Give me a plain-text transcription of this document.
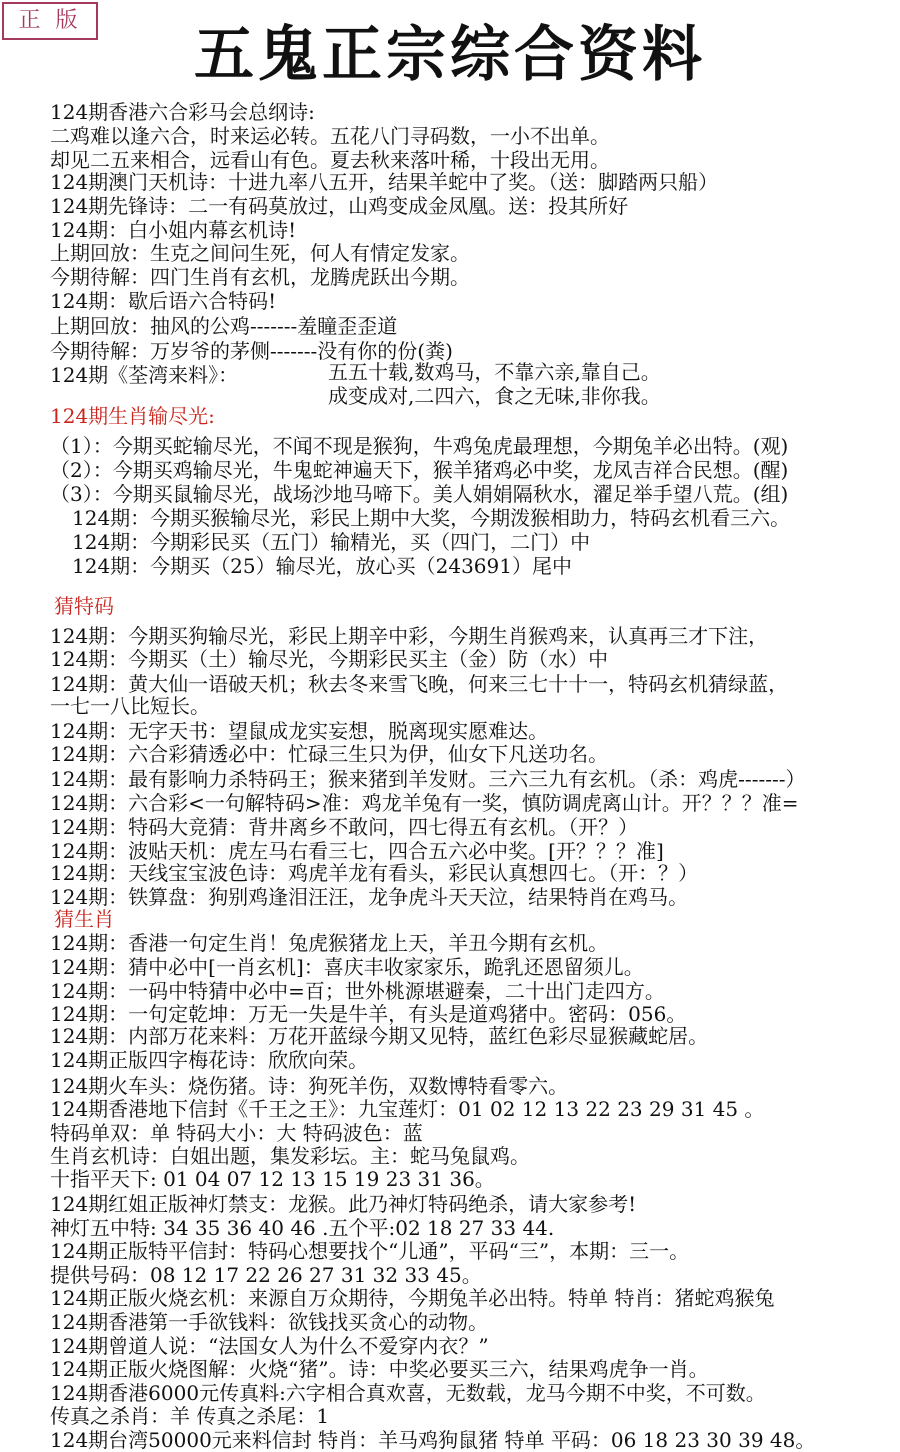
正 版	五鬼正宗综合资料
124期香港六合彩马会总纲诗:
二鸡难以逢六合，时来运必转。五花八门寻码数，一小不出单。
却见二五来相合，远看山有色。夏去秋来落叶稀，十段出无用。
124期澳门天机诗：十进九率八五开，结果羊蛇中了奖。（送：脚踏两只船）
124期先锋诗：二一有码莫放过，山鸡变成金凤凰。送：投其所好
124期：白小姐内幕玄机诗!
上期回放：生克之间问生死，何人有情定发家。
今期待解：四门生肖有玄机，龙腾虎跃出今期。
124期：歇后语六合特码!
上期回放：抽风的公鸡-------羞瞳歪歪道
今期待解：万岁爷的茅侧-------没有你的份(粪)
124期《荃湾来料》：	五五十载,数鸡马，不靠六亲,靠自己。
成变成对,二四六，食之无味,非你我。
124期生肖输尽光:
（1）：今期买蛇输尽光，不闻不现是猴狗，牛鸡兔虎最理想，今期兔羊必出特。(观)
（2）：今期买鸡输尽光，牛鬼蛇神遍天下，猴羊猪鸡必中奖，龙凤吉祥合民想。(醒)
（3）：今期买鼠输尽光，战场沙地马啼下。美人娟娟隔秋水，濯足举手望八荒。(组)
124期：今期买猴输尽光，彩民上期中大奖，今期泼猴相助力，特码玄机看三六。
124期：今期彩民买（五门）输精光，买（四门，二门）中
124期：今期买（25）输尽光，放心买（243691）尾中
猜特码
124期：今期买狗输尽光，彩民上期辛中彩，今期生肖猴鸡来，认真再三才下注，
124期：今期买（土）输尽光，今期彩民买主（金）防（水）中
124期：黄大仙一语破天机；秋去冬来雪飞晚，何来三七十十一，特码玄机猜绿蓝，
一七一八比短长。
124期：无字天书：望鼠成龙实妄想，脱离现实愿难达。
124期：六合彩猜透必中：忙碌三生只为伊，仙女下凡送功名。
124期：最有影响力杀特码王；猴来猪到羊发财。三六三九有玄机。（杀：鸡虎-------）
124期：六合彩<一句解特码>准：鸡龙羊兔有一奖，慎防调虎离山计。开？？？准=
124期：特码大竞猜：背井离乡不敢问，四七得五有玄机。（开？）
124期：波贴天机：虎左马右看三七，四合五六必中奖。[开？？？准]
124期：天线宝宝波色诗：鸡虎羊龙有看头，彩民认真想四七。（开：？）
124期：铁算盘：狗别鸡逢泪汪汪，龙争虎斗天天泣，结果特肖在鸡马。
猜生肖
124期：香港一句定生肖！兔虎猴猪龙上天，羊丑今期有玄机。
124期：猜中必中[一肖玄机]：喜庆丰收家家乐，跪乳还恩留须儿。
124期：一码中特猜中必中=百；世外桃源堪避秦，二十出门走四方。
124期：一句定乾坤：万无一失是牛羊，有头是道鸡猪中。密码：056。
124期：内部万花来料：万花开蓝绿今期又见特，蓝红色彩尽显猴藏蛇居。
124期正版四字梅花诗：欣欣向荣。
124期火车头：烧伤猪。诗：狗死羊伤，双数博特看零六。
124期香港地下信封《千王之王》：九宝莲灯：01 02 12 13 22 23 29 31 45 。
特码单双：单 特码大小：大 特码波色：蓝
生肖玄机诗：白姐出题，集发彩坛。主：蛇马兔鼠鸡。
十指平天下: 01 04 07 12 13 15 19 23 31 36。
124期红姐正版神灯禁支：龙猴。此乃神灯特码绝杀，请大家参考!
神灯五中特: 34 35 36 40 46 .五个平:02 18 27 33 44.
124期正版特平信封：特码心想要找个“儿通”，平码“三”，本期：三一。
提供号码：08 12 17 22 26 27 31 32 33 45。
124期正版火烧玄机：来源自万众期待，今期兔羊必出特。特单 特肖：猪蛇鸡猴兔
124期香港第一手欲钱料：欲钱找买贪心的动物。
124期曾道人说：“法国女人为什么不爱穿内衣？”
124期正版火烧图解：火烧“猪”。诗：中奖必要买三六，结果鸡虎争一肖。
124期香港6000元传真料:六字相合真欢喜，无数载，龙马今期不中奖，不可数。
传真之杀肖：羊 传真之杀尾：1
124期台湾50000元来料信封 特肖：羊马鸡狗鼠猪 特单 平码：06 18 23 30 39 48。
